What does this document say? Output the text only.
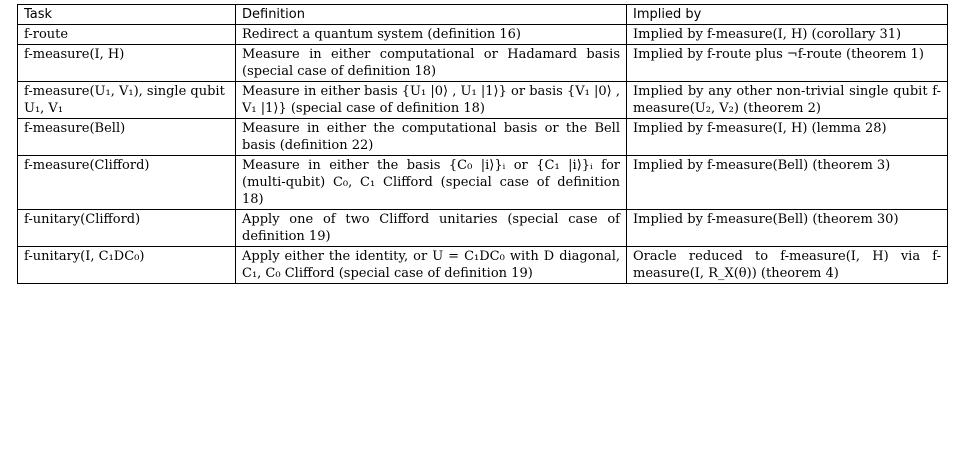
Task	Definition	Implied by
f-route	Redirect a quantum system (definition 16)	Implied by f-measure(I, H) (corollary 31)
f-measure(I, H)	Measure in either computational or Hadamard basis (special case of definition 18)	Implied by f-route plus ¬f-route (theorem 1)
f-measure(U₁, V₁), single qubit U₁, V₁	Measure in either basis {U₁ |0⟩ , U₁ |1⟩} or basis {V₁ |0⟩ , V₁ |1⟩} (special case of definition 18)	Implied by any other non-trivial single qubit f-measure(U₂, V₂) (theorem 2)
f-measure(Bell)	Measure in either the computational basis or the Bell basis (definition 22)	Implied by f-measure(I, H) (lemma 28)
f-measure(Clifford)	Measure in either the basis {C₀ |i⟩}ᵢ or {C₁ |i⟩}ᵢ for (multi-qubit) C₀, C₁ Clifford (special case of definition 18)	Implied by f-measure(Bell) (theorem 3)
f-unitary(Clifford)	Apply one of two Clifford unitaries (special case of definition 19)	Implied by f-measure(Bell) (theorem 30)
f-unitary(I, C₁DC₀)	Apply either the identity, or U = C₁DC₀ with D diagonal, C₁, C₀ Clifford (special case of definition 19)	Oracle reduced to f-measure(I, H) via f-measure(I, R_X(θ)) (theorem 4)
